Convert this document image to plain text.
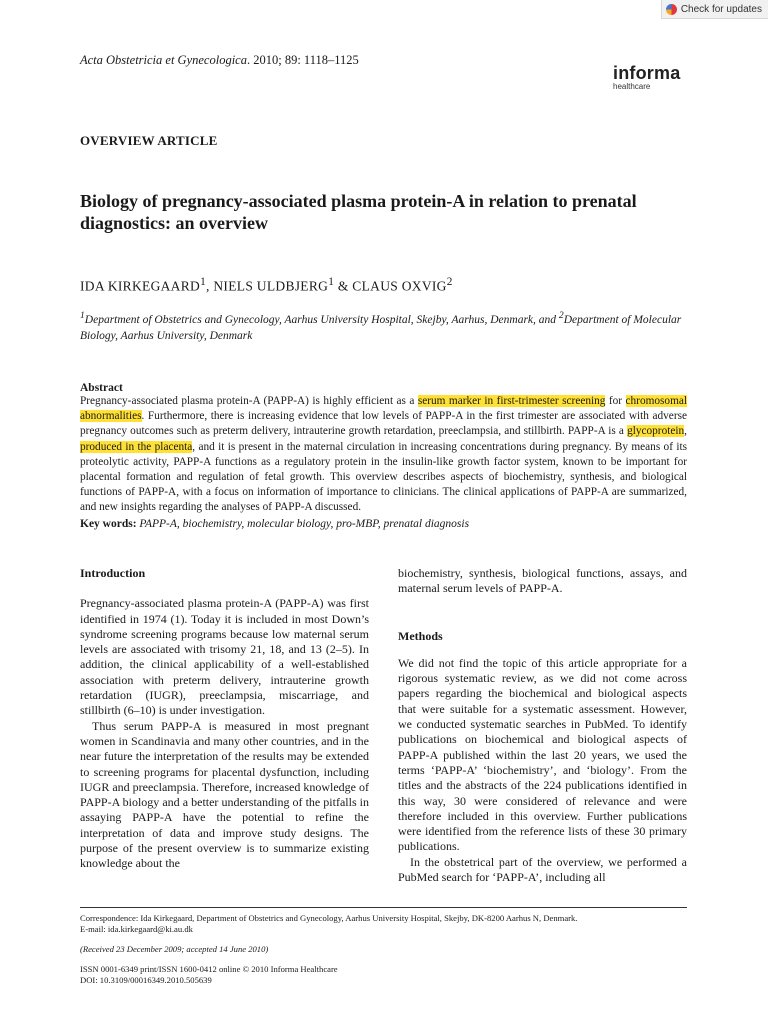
Check for updates
Acta Obstetricia et Gynecologica. 2010; 89: 1118–1125
informa
healthcare
OVERVIEW ARTICLE
Biology of pregnancy-associated plasma protein-A in relation to prenatal diagnostics: an overview
IDA KIRKEGAARD$^1$, NIELS ULDBJERG$^1$ & CLAUS OXVIG$^2$
$^1$Department of Obstetrics and Gynecology, Aarhus University Hospital, Skejby, Aarhus, Denmark, and $^2$Department of Molecular Biology, Aarhus University, Denmark
Abstract
Pregnancy-associated plasma protein-A (PAPP-A) is highly efficient as a serum marker in first-trimester screening for chromosomal abnormalities. Furthermore, there is increasing evidence that low levels of PAPP-A in the first trimester are associated with adverse pregnancy outcomes such as preterm delivery, intrauterine growth retardation, preeclampsia, and stillbirth. PAPP-A is a glycoprotein, produced in the placenta, and it is present in the maternal circulation in increasing concentrations during pregnancy. By means of its proteolytic activity, PAPP-A functions as a regulatory protein in the insulin-like growth factor system, known to be important for placental formation and regulation of fetal growth. This overview describes aspects of biochemistry, synthesis, and biological functions of PAPP-A, with a focus on information of importance to clinicians. The clinical applications of PAPP-A are summarized, and new insights regarding the analyses of PAPP-A discussed.
Key words: PAPP-A, biochemistry, molecular biology, pro-MBP, prenatal diagnosis
Introduction

Pregnancy-associated plasma protein-A (PAPP-A) was first identified in 1974 (1). Today it is included in most Down’s syndrome screening programs because low maternal serum levels are associated with trisomy 21, 18, and 13 (2–5). In addition, the clinical applicability of a well-established association with preterm delivery, intrauterine growth retardation (IUGR), preeclampsia, miscarriage, and stillbirth (6–10) is under investigation.

Thus serum PAPP-A is measured in most pregnant women in Scandinavia and many other countries, and in the near future the interpretation of the results may be extended to screening programs for placental dysfunction, including IUGR and preeclampsia. Therefore, increased knowledge of PAPP-A biology and a better understanding of the pitfalls in assaying PAPP-A have the potential to refine the interpretation of data and improve study designs. The purpose of the present overview is to summarize existing knowledge about the

biochemistry, synthesis, biological functions, assays, and maternal serum levels of PAPP-A.

Methods

We did not find the topic of this article appropriate for a rigorous systematic review, as we did not come across papers regarding the biochemical and biological aspects that were suitable for a systematic assessment. However, we conducted systematic searches in PubMed. To identify publications on biochemical and biological aspects of PAPP-A published within the last 20 years, we used the terms ‘PAPP-A’ ‘biochemistry’, and ‘biology’. From the titles and the abstracts of the 224 publications identified in this way, 30 were considered of relevance and were therefore included in this overview. Further publications were identified from the reference lists of these 30 primary publications.

In the obstetrical part of the overview, we performed a PubMed search for ‘PAPP-A’, including all

Correspondence: Ida Kirkegaard, Department of Obstetrics and Gynecology, Aarhus University Hospital, Skejby, DK-8200 Aarhus N, Denmark.

E-mail: ida.kirkegaard@ki.au.dk

(Received 23 December 2009; accepted 14 June 2010)

ISSN 0001-6349 print/ISSN 1600-0412 online © 2010 Informa Healthcare

DOI: 10.3109/00016349.2010.505639
